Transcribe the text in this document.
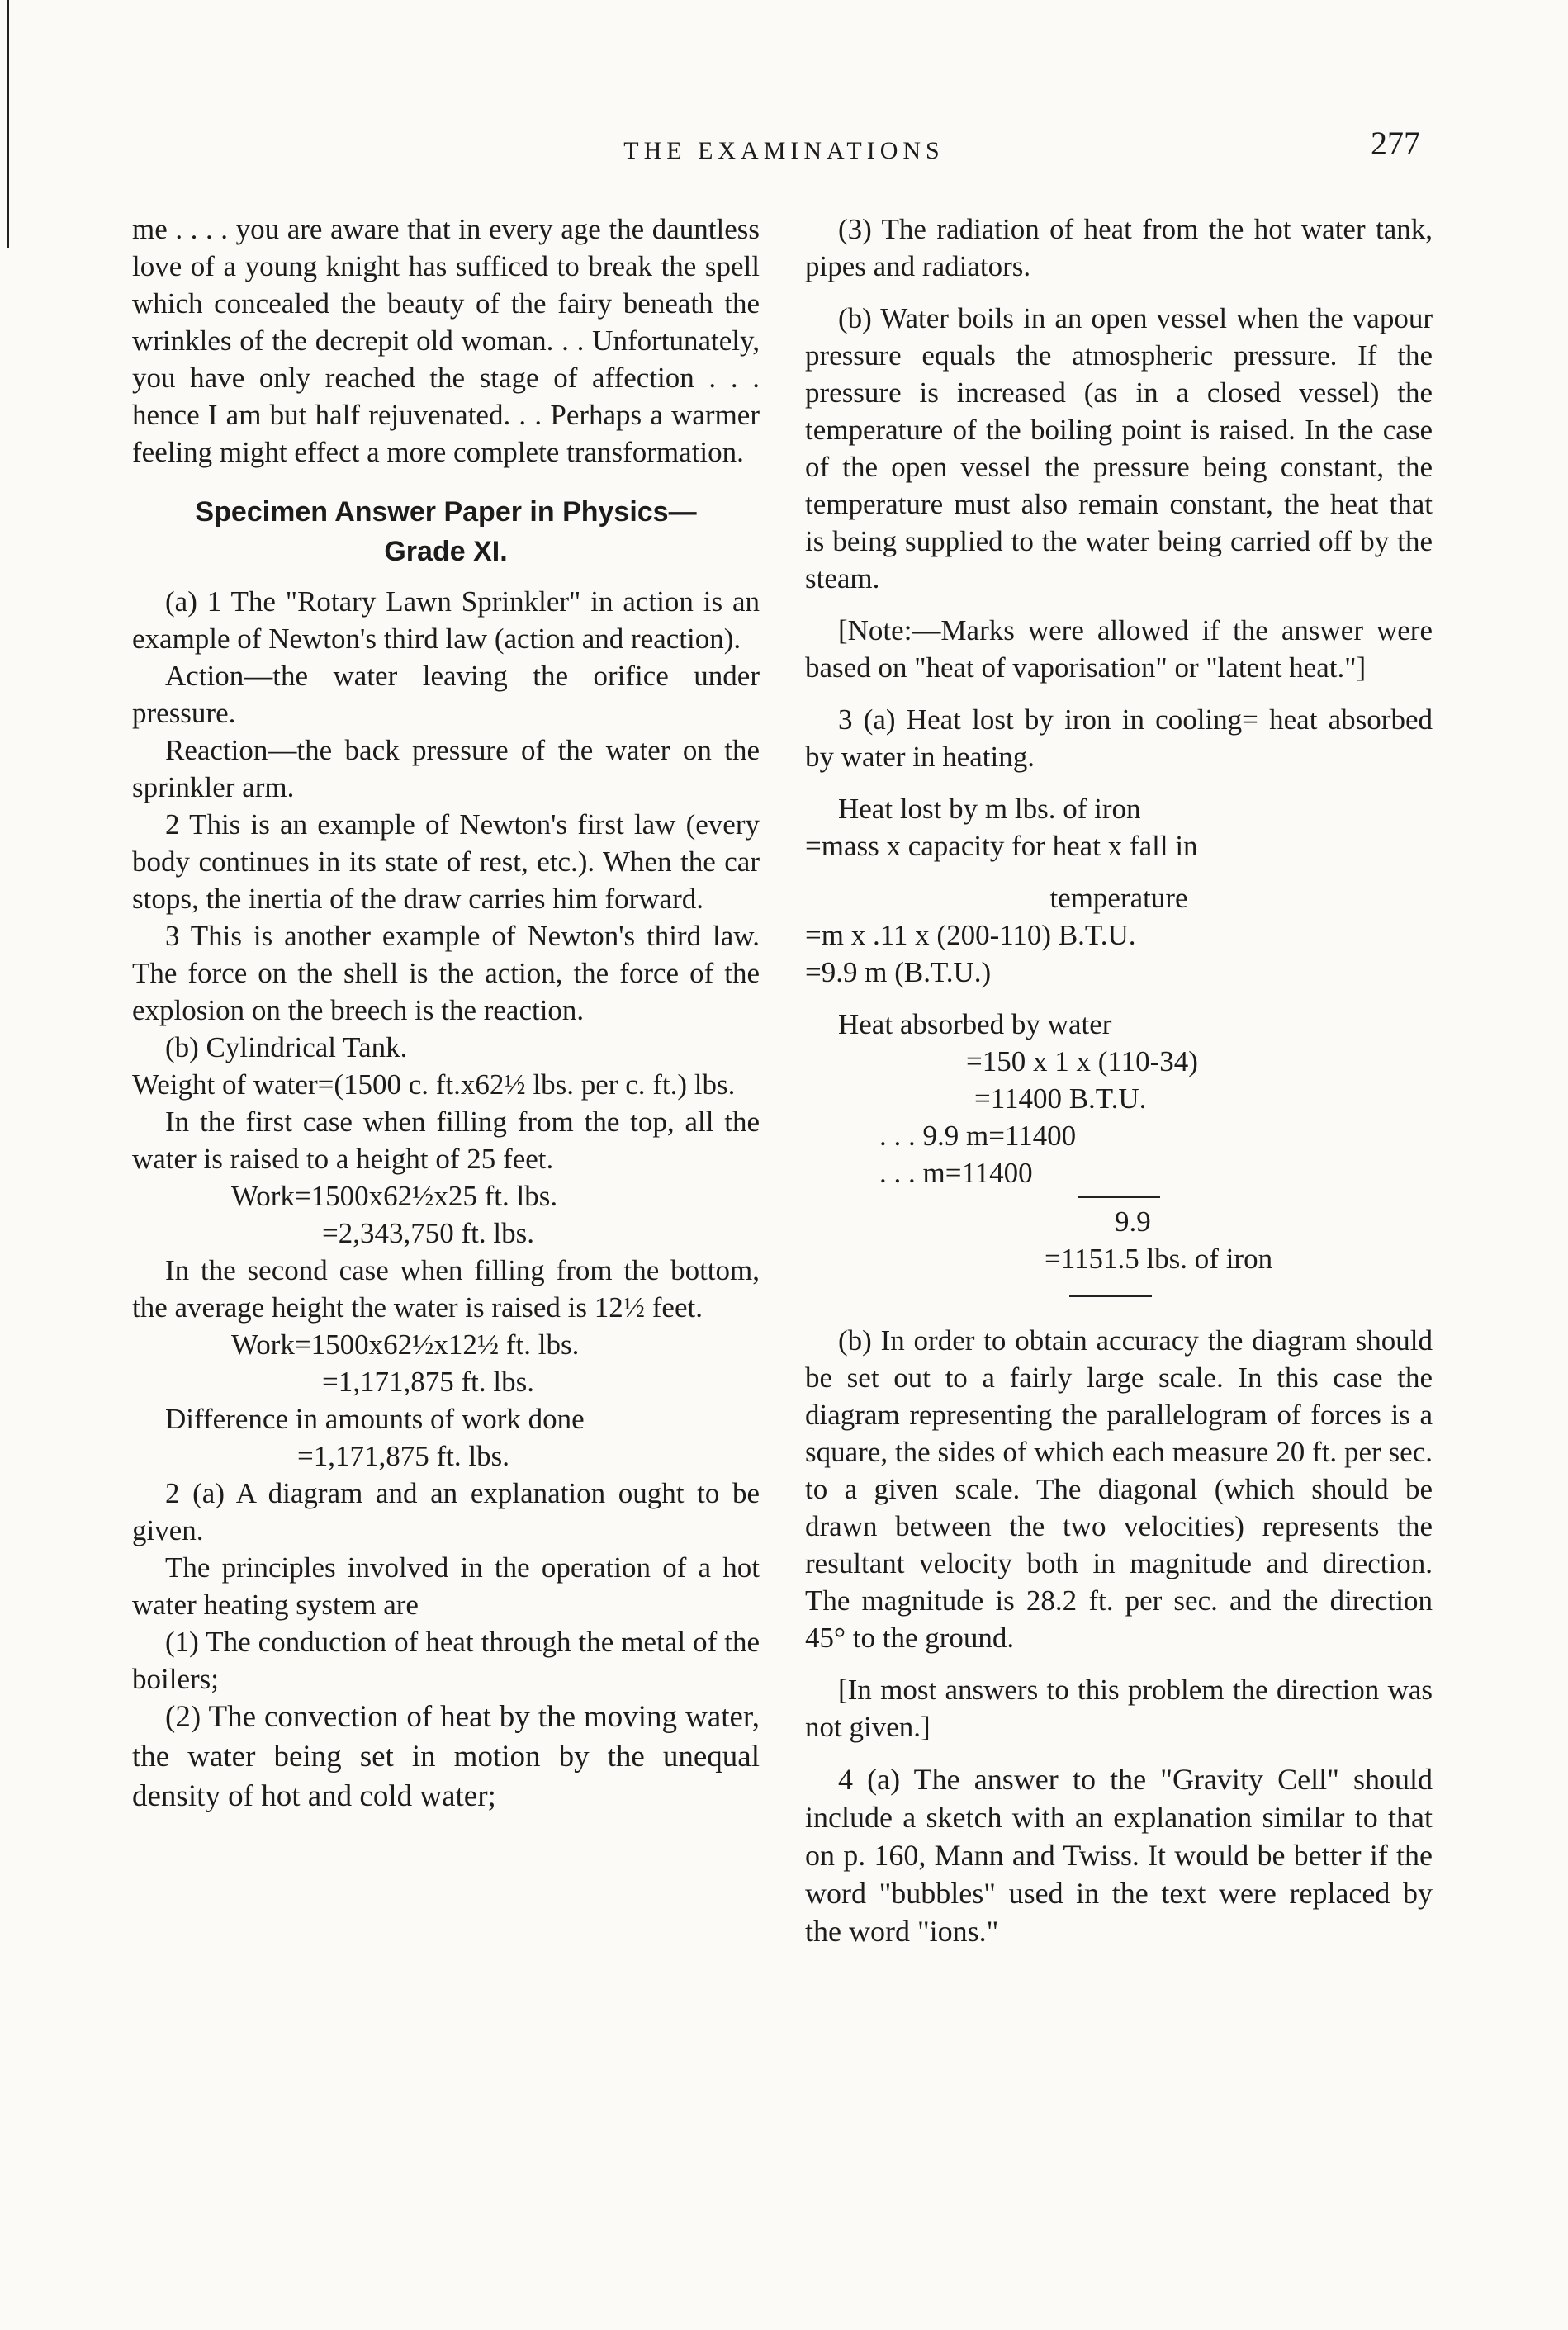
THE EXAMINATIONS	277

me . . . . you are aware that in every age the dauntless love of a young knight has sufficed to break the spell which concealed the beauty of the fairy beneath the wrinkles of the decrepit old woman. . . Unfortunately, you have only reached the stage of affection . . . hence I am but half rejuvenated. . . Perhaps a warmer feeling might effect a more complete transformation.

Specimen Answer Paper in Physics—
Grade XI.

(a) 1 The "Rotary Lawn Sprinkler" in action is an example of Newton's third law (action and reaction).

Action—the water leaving the orifice under pressure.

Reaction—the back pressure of the water on the sprinkler arm.

2 This is an example of Newton's first law (every body continues in its state of rest, etc.). When the car stops, the inertia of the draw carries him forward.

3 This is another example of Newton's third law. The force on the shell is the action, the force of the explosion on the breech is the reaction.

(b) Cylindrical Tank.

Weight of water=(1500 c. ft.x62½ lbs. per c. ft.) lbs.

In the first case when filling from the top, all the water is raised to a height of 25 feet.

Work=1500x62½x25 ft. lbs.

=2,343,750 ft. lbs.

In the second case when filling from the bottom, the average height the water is raised is 12½ feet.

Work=1500x62½x12½ ft. lbs.

=1,171,875 ft. lbs.

Difference in amounts of work done

=1,171,875 ft. lbs.

2 (a) A diagram and an explanation ought to be given.

The principles involved in the operation of a hot water heating system are

(1) The conduction of heat through the metal of the boilers;

(2) The convection of heat by the moving water, the water being set in motion by the unequal density of hot and cold water;

(3) The radiation of heat from the hot water tank, pipes and radiators.

(b) Water boils in an open vessel when the vapour pressure equals the atmospheric pressure. If the pressure is increased (as in a closed vessel) the temperature of the boiling point is raised. In the case of the open vessel the pressure being constant, the temperature must also remain constant, the heat that is being supplied to the water being carried off by the steam.

[Note:—Marks were allowed if the answer were based on "heat of vaporisation" or "latent heat."]

3 (a) Heat lost by iron in cooling= heat absorbed by water in heating.

Heat lost by m lbs. of iron

=mass x capacity for heat x fall in

temperature

=m x .11 x (200-110) B.T.U.

=9.9 m (B.T.U.)

Heat absorbed by water

=150 x 1 x (110-34)

=11400 B.T.U.

. . . 9.9 m=11400

. . . m=11400

9.9

=1151.5 lbs. of iron

(b) In order to obtain accuracy the diagram should be set out to a fairly large scale. In this case the diagram representing the parallelogram of forces is a square, the sides of which each measure 20 ft. per sec. to a given scale. The diagonal (which should be drawn between the two velocities) represents the resultant velocity both in magnitude and direction. The magnitude is 28.2 ft. per sec. and the direction 45° to the ground.

[In most answers to this problem the direction was not given.]

4 (a) The answer to the "Gravity Cell" should include a sketch with an explanation similar to that on p. 160, Mann and Twiss. It would be better if the word "bubbles" used in the text were replaced by the word "ions."
